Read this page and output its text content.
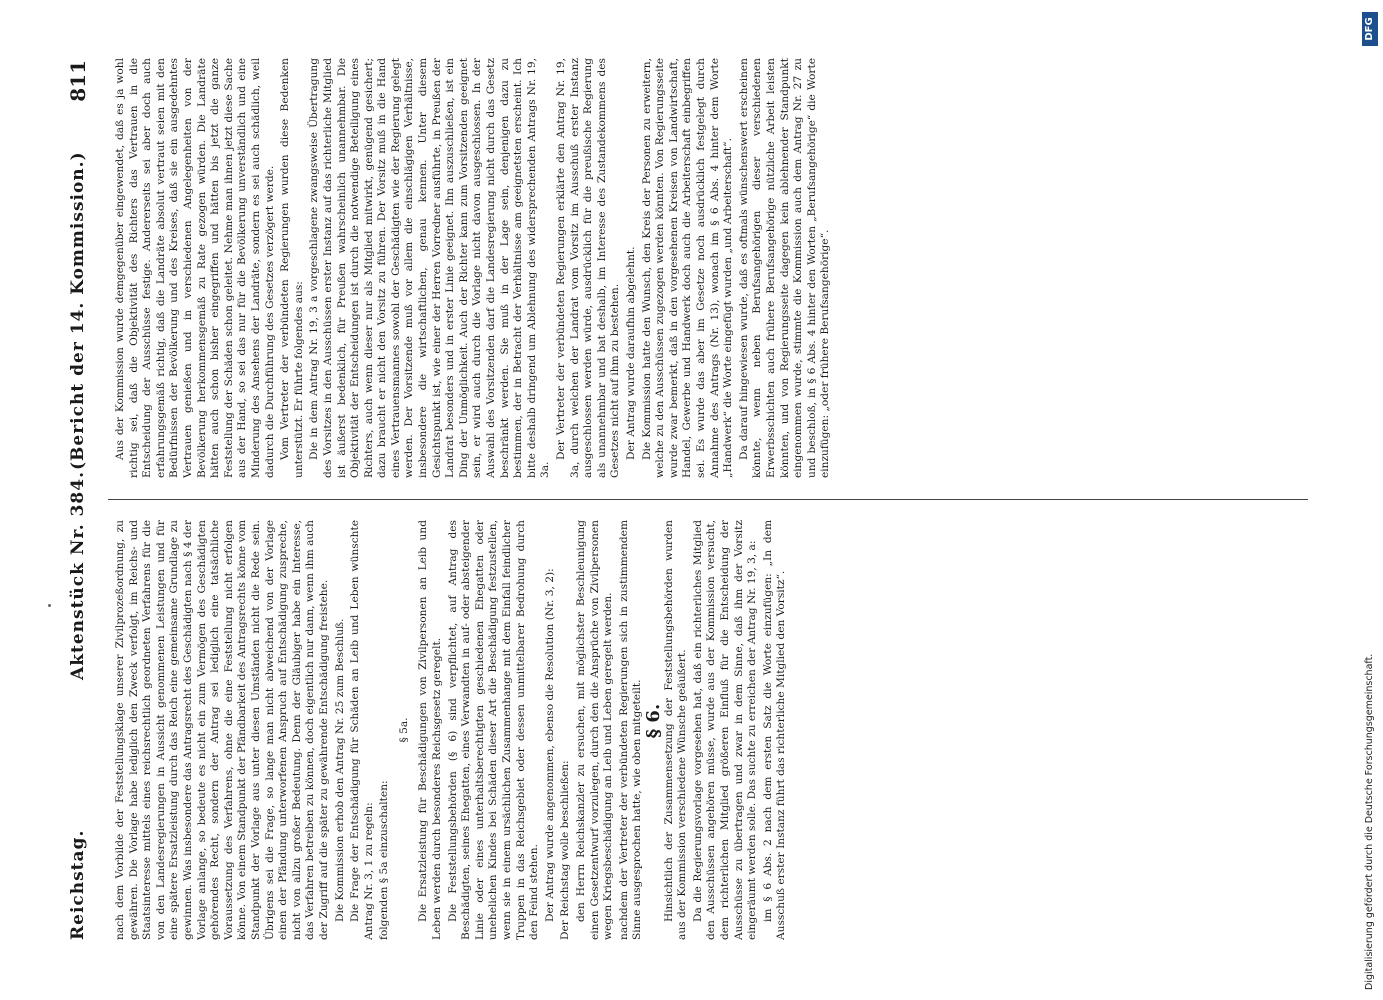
Reichstag.
Aktenstück Nr. 384.
(Bericht der 14. Kommission.)
811

nach dem Vorbilde der Feststellungsklage unserer Zivilprozeßordnung, zu gewähren. Die Vorlage habe lediglich den Zweck verfolgt, im Reichs- und Staatsinteresse mittels eines reichsrechtlich geordneten Verfahrens für die von den Landesregierungen in Aussicht genommenen Leistungen und für eine spätere Ersatzleistung durch das Reich eine gemeinsame Grundlage zu gewinnen. Was insbesondere das Antragsrecht des Geschädigten nach § 4 der Vorlage anlange, so bedeute es nicht ein zum Vermögen des Geschädigten gehörendes Recht, sondern der Antrag sei lediglich eine tatsächliche Voraussetzung des Verfahrens, ohne die eine Feststellung nicht erfolgen könne. Von einem Standpunkt der Pfändbarkeit des Antragsrechts könne vom Standpunkt der Vorlage aus unter diesen Umständen nicht die Rede sein. Übrigens sei die Frage, so lange man nicht abweichend von der Vorlage einen der Pfändung unterworfenen Anspruch auf Entschädigung zuspreche, nicht von allzu großer Bedeutung. Denn der Gläubiger habe ein Interesse, das Verfahren betreiben zu können, doch eigentlich nur dann, wenn ihm auch der Zugriff auf die später zu gewährende Entschädigung freistehe. Die Kommission erhob den Antrag Nr. 25 zum Beschluß. Die Frage der Entschädigung für Schäden an Leib und Leben wünschte Antrag Nr. 3, 1 zu regeln: folgenden § 5a einzuschalten:

§ 5a. Die Ersatzleistung für Beschädigungen von Zivilpersonen an Leib und Leben werden durch besonderes Reichsgesetz geregelt. Die Feststellungsbehörden (§ 6) sind verpflichtet, auf Antrag des Beschädigten, seines Ehegatten, eines Verwandten in auf- oder absteigender Linie oder eines unterhaltsberechtigten geschiedenen Ehegatten oder unehelichen Kindes bei Schäden dieser Art die Beschädigung festzustellen, wenn sie in einem ursächlichen Zusammenhange mit dem Einfall feindlicher Truppen in das Reichsgebiet oder dessen unmittelbarer Bedrohung durch den Feind stehen. Der Antrag wurde angenommen, ebenso die Resolution (Nr. 3, 2): Der Reichstag wolle beschließen: den Herrn Reichskanzler zu ersuchen, mit möglichster Beschleunigung einen Gesetzentwurf vorzulegen, durch den die Ansprüche von Zivilpersonen wegen Kriegsbeschädigung an Leib und Leben geregelt werden. nachdem der Vertreter der verbündeten Regierungen sich in zustimmendem Sinne ausgesprochen hatte, wie oben mitgeteilt. § 6.

Hinsichtlich der Zusammensetzung der Feststellungsbehörden wurden aus der Kommission verschiedene Wünsche geäußert. Da die Regierungsvorlage vorgesehen hat, daß ein richterliches Mitglied den Ausschüssen angehören müsse, wurde aus der Kommission versucht, dem richterlichen Mitglied größeren Einfluß für die Entscheidung der Ausschüsse zu übertragen und zwar in dem Sinne, daß ihm der Vorsitz eingeräumt werden solle. Das suchte zu erreichen der Antrag Nr. 19, 3, a: im § 6 Abs. 2 nach dem ersten Satz die Worte einzufügen: „In dem Ausschuß erster Instanz führt das richterliche Mitglied den Vorsitz“.

Aus der Kommission wurde demgegenüber eingewendet, daß es ja wohl richtig sei, daß die Objektivität des Richters das Vertrauen in die Entscheidung der Ausschüsse festige. Andererseits sei aber doch auch erfahrungsgemäß richtig, daß die Landräte absolut vertraut seien mit den Bedürfnissen der Bevölkerung und des Kreises, daß sie ein ausgedehntes Vertrauen genießen und in verschiedenen Angelegenheiten von der Bevölkerung herkommensgemäß zu Rate gezogen würden. Die Landräte hätten auch schon bisher eingegriffen und hätten bis jetzt die ganze Feststellung der Schäden schon geleitet. Nehme man ihnen jetzt diese Sache aus der Hand, so sei das nur für die Bevölkerung unverständlich und eine Minderung des Ansehens der Landräte, sondern es sei auch schädlich, weil dadurch die Durchführung des Gesetzes verzögert werde. Vom Vertreter der verbündeten Regierungen wurden diese Bedenken unterstützt. Er führte folgendes aus: Die in dem Antrag Nr. 19, 3 a vorgeschlagene zwangsweise Übertragung des Vorsitzes in den Ausschüssen erster Instanz auf das richterliche Mitglied ist äußerst bedenklich, für Preußen wahrscheinlich unannehmbar. Die Objektivität der Entscheidungen ist durch die notwendige Beteiligung eines Richters, auch wenn dieser nur als Mitglied mitwirkt, genügend gesichert; dazu braucht er nicht den Vorsitz zu führen. Der Vorsitz muß in die Hand eines Vertrauensmannes sowohl der Geschädigten wie der Regierung gelegt werden. Der Vorsitzende muß vor allem die einschlägigen Verhältnisse, insbesondere die wirtschaftlichen, genau kennen. Unter diesem Gesichtspunkt ist, wie einer der Herren Vorredner ausführte, in Preußen der Landrat besonders und in erster Linie geeignet. Ihn auszuschließen, ist ein Ding der Unmöglichkeit. Auch der Richter kann zum Vorsitzenden geeignet sein, er wird auch durch die Vorlage nicht davon ausgeschlossen. In der Auswahl des Vorsitzenden darf die Landesregierung nicht durch das Gesetz beschränkt werden. Sie muß in der Lage sein, denjenigen dazu zu bestimmen, der in Betracht der Verhältnisse am geeignetsten erscheint. Ich bitte deshalb dringend um Ablehnung des widersprechenden Antrags Nr. 19, 3a.

Der Vertreter der verbündeten Regierungen erklärte den Antrag Nr. 19, 3a, durch welchen der Landrat vom Vorsitz im Ausschuß erster Instanz ausgeschlossen werden würde, ausdrücklich für die preußische Regierung als unannehmbar und bat deshalb, im Interesse des Zustandekommens des Gesetzes nicht auf ihm zu bestehen. Der Antrag wurde daraufhin abgelehnt. Die Kommission hatte den Wunsch, den Kreis der Personen zu erweitern, welche zu den Ausschüssen zugezogen werden könnten. Von Regierungsseite wurde zwar bemerkt, daß in den vorgesehenen Kreisen von Landwirtschaft, Handel, Gewerbe und Handwerk doch auch die Arbeiterschaft einbegriffen sei. Es wurde das aber im Gesetze noch ausdrücklich festgelegt durch Annahme des Antrags (Nr. 13), wonach im § 6 Abs. 4 hinter dem Worte „Handwerk“ die Worte eingefügt wurden „und Arbeiterschaft“. Da darauf hingewiesen wurde, daß es oftmals wünschenswert erscheinen könnte, wenn neben Berufsangehörigen dieser verschiedenen Erwerbsschichten auch frühere Berufsangehörige nützliche Arbeit leisten könnten, und von Regierungsseite dagegen kein ablehnender Standpunkt eingenommen wurde, stimmte die Kommission auch dem Antrag Nr. 27 zu und beschloß, in § 6 Abs. 4 hinter den Worten „Berufsangehörige“ die Worte einzufügen: „oder frühere Berufsangehörige“.

Digitalisierung gefördert durch die Deutsche Forschungsgemeinschaft.
DFG
